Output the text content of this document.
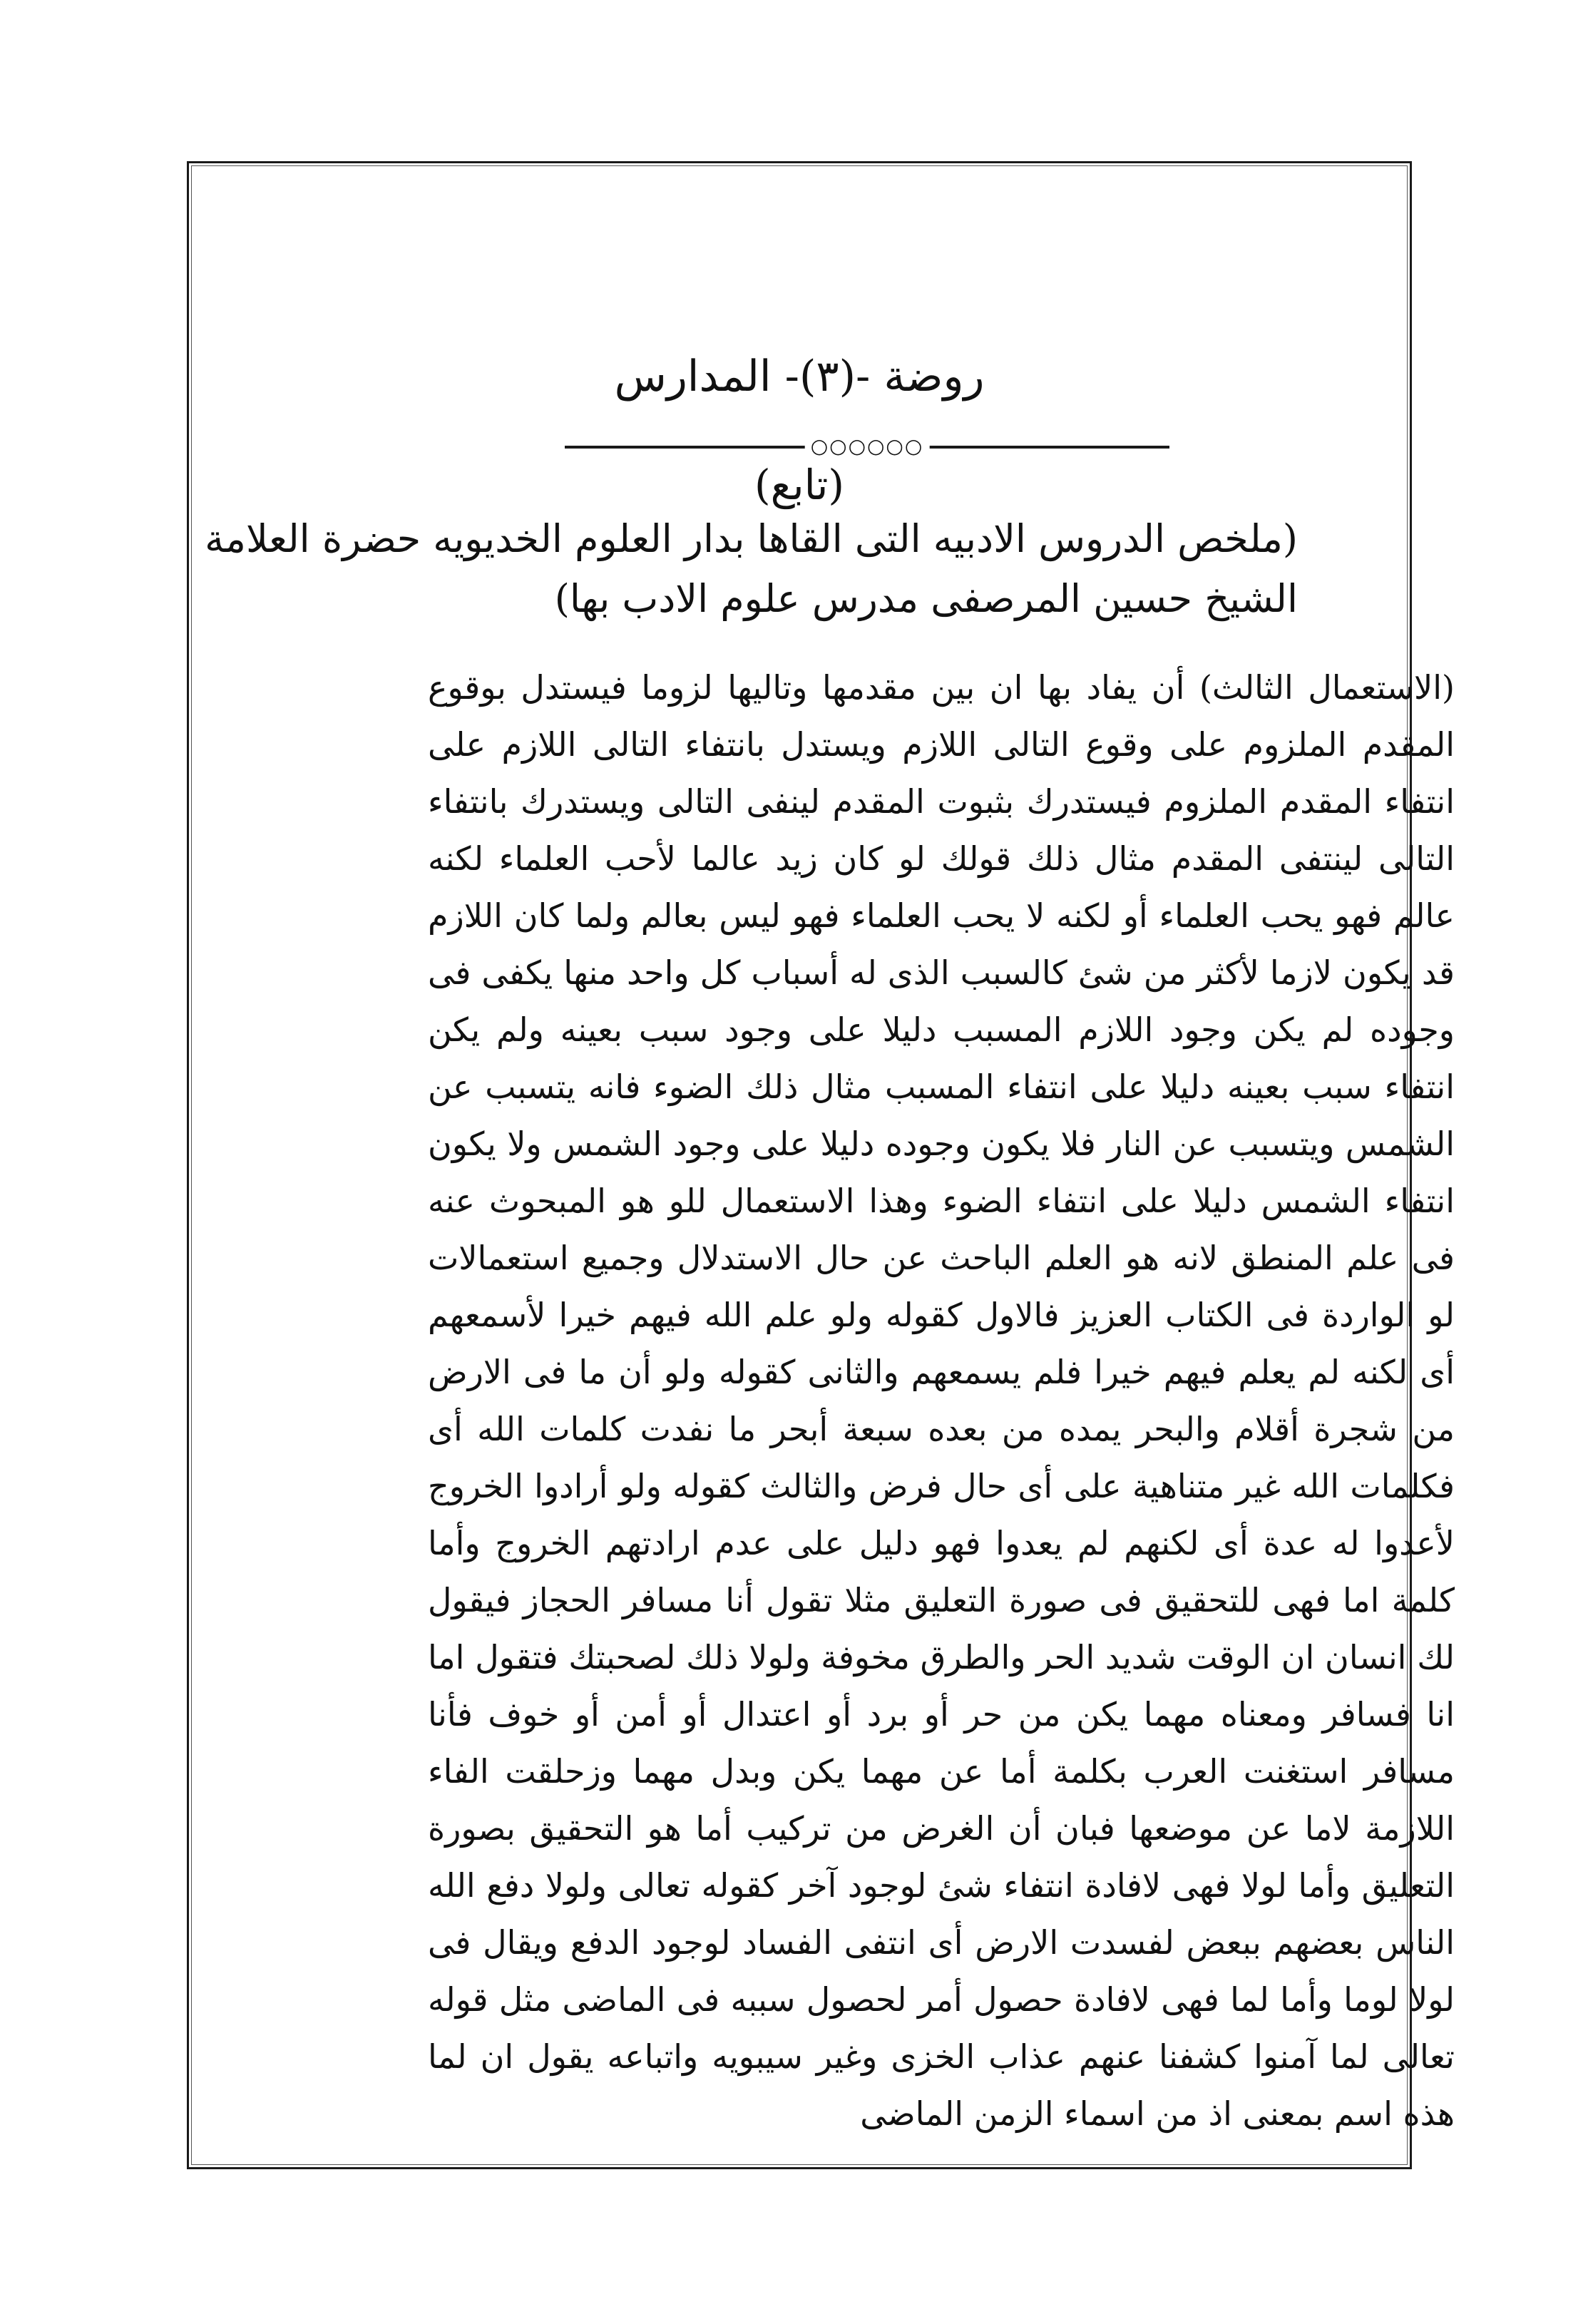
روضة -(٣)- المدارس
○○○○○○
(تابع)
(ملخص الدروس الادبيه التى القاها بدار العلوم الخديويه حضرة العلامة
الشيخ حسين المرصفى مدرس علوم الادب بها)

(الاستعمال الثالث) أن يفاد بها ان بين مقدمها وتاليها لزوما فيستدل بوقوع المقدم الملزوم على وقوع التالى اللازم ويستدل بانتفاء التالى اللازم على انتفاء المقدم الملزوم فيستدرك بثبوت المقدم لينفى التالى ويستدرك بانتفاء التالى لينتفى المقدم مثال ذلك قولك لو كان زيد عالما لأحب العلماء لكنه عالم فهو يحب العلماء أو لكنه لا يحب العلماء فهو ليس بعالم ولما كان اللازم قد يكون لازما لأكثر من شئ كالسبب الذى له أسباب كل واحد منها يكفى فى وجوده لم يكن وجود اللازم المسبب دليلا على وجود سبب بعينه ولم يكن انتفاء سبب بعينه دليلا على انتفاء المسبب مثال ذلك الضوء فانه يتسبب عن الشمس ويتسبب عن النار فلا يكون وجوده دليلا على وجود الشمس ولا يكون انتفاء الشمس دليلا على انتفاء الضوء وهذا الاستعمال للو هو المبحوث عنه فى علم المنطق لانه هو العلم الباحث عن حال الاستدلال وجميع استعمالات لو الواردة فى الكتاب العزيز فالاول كقوله ولو علم الله فيهم خيرا لأسمعهم أى لكنه لم يعلم فيهم خيرا فلم يسمعهم والثانى كقوله ولو أن ما فى الارض من شجرة أقلام والبحر يمده من بعده سبعة أبحر ما نفدت كلمات الله أى فكلمات الله غير متناهية على أى حال فرض والثالث كقوله ولو أرادوا الخروج لأعدوا له عدة أى لكنهم لم يعدوا فهو دليل على عدم ارادتهم الخروج وأما كلمة اما فهى للتحقيق فى صورة التعليق مثلا تقول أنا مسافر الحجاز فيقول لك انسان ان الوقت شديد الحر والطرق مخوفة ولولا ذلك لصحبتك فتقول اما انا فسافر ومعناه مهما يكن من حر أو برد أو اعتدال أو أمن أو خوف فأنا مسافر استغنت العرب بكلمة أما عن مهما يكن وبدل مهما وزحلقت الفاء اللازمة لاما عن موضعها فبان أن الغرض من تركيب أما هو التحقيق بصورة التعليق وأما لولا فهى لافادة انتفاء شئ لوجود آخر كقوله تعالى ولولا دفع الله الناس بعضهم ببعض لفسدت الارض أى انتفى الفساد لوجود الدفع ويقال فى لولا لوما وأما لما فهى لافادة حصول أمر لحصول سببه فى الماضى مثل قوله تعالى لما آمنوا كشفنا عنهم عذاب الخزى وغير سيبويه واتباعه يقول ان لما هذه اسم بمعنى اذ من اسماء الزمن الماضى
